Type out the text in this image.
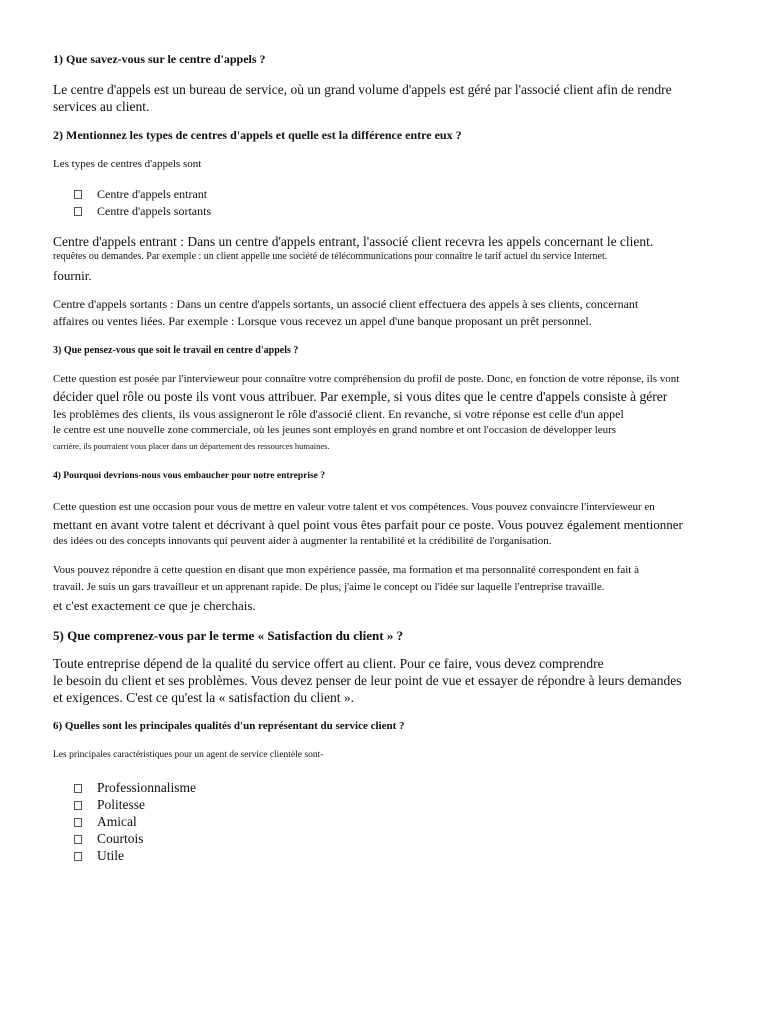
1) Que savez-vous sur le centre d'appels ?
Le centre d'appels est un bureau de service, où un grand volume d'appels est géré par l'associé client afin de rendre
services au client.
2) Mentionnez les types de centres d'appels et quelle est la différence entre eux ?
Les types de centres d'appels sont
Centre d'appels entrant
Centre d'appels sortants
Centre d'appels entrant : Dans un centre d'appels entrant, l'associé client recevra les appels concernant le client.
requêtes ou demandes. Par exemple : un client appelle une société de télécommunications pour connaître le tarif actuel du service Internet.
fournir.
Centre d'appels sortants : Dans un centre d'appels sortants, un associé client effectuera des appels à ses clients, concernant
affaires ou ventes liées. Par exemple : Lorsque vous recevez un appel d'une banque proposant un prêt personnel.
3) Que pensez-vous que soit le travail en centre d'appels ?
Cette question est posée par l'intervieweur pour connaître votre compréhension du profil de poste. Donc, en fonction de votre réponse, ils vont
décider quel rôle ou poste ils vont vous attribuer. Par exemple, si vous dites que le centre d'appels consiste à gérer
les problèmes des clients, ils vous assigneront le rôle d'associé client. En revanche, si votre réponse est celle d'un appel
le centre est une nouvelle zone commerciale, où les jeunes sont employés en grand nombre et ont l'occasion de développer leurs
carrière, ils pourraient vous placer dans un département des ressources humaines.
4) Pourquoi devrions-nous vous embaucher pour notre entreprise ?
Cette question est une occasion pour vous de mettre en valeur votre talent et vos compétences. Vous pouvez convaincre l'intervieweur en
mettant en avant votre talent et décrivant à quel point vous êtes parfait pour ce poste. Vous pouvez également mentionner
des idées ou des concepts innovants qui peuvent aider à augmenter la rentabilité et la crédibilité de l'organisation.
Vous pouvez répondre à cette question en disant que mon expérience passée, ma formation et ma personnalité correspondent en fait à
travail. Je suis un gars travailleur et un apprenant rapide. De plus, j'aime le concept ou l'idée sur laquelle l'entreprise travaille.
et c'est exactement ce que je cherchais.
5) Que comprenez-vous par le terme « Satisfaction du client » ?
Toute entreprise dépend de la qualité du service offert au client. Pour ce faire, vous devez comprendre
le besoin du client et ses problèmes. Vous devez penser de leur point de vue et essayer de répondre à leurs demandes
et exigences. C'est ce qu'est la « satisfaction du client ».
6) Quelles sont les principales qualités d'un représentant du service client ?
Les principales caractéristiques pour un agent de service clientèle sont-
Professionnalisme
Politesse
Amical
Courtois
Utile
